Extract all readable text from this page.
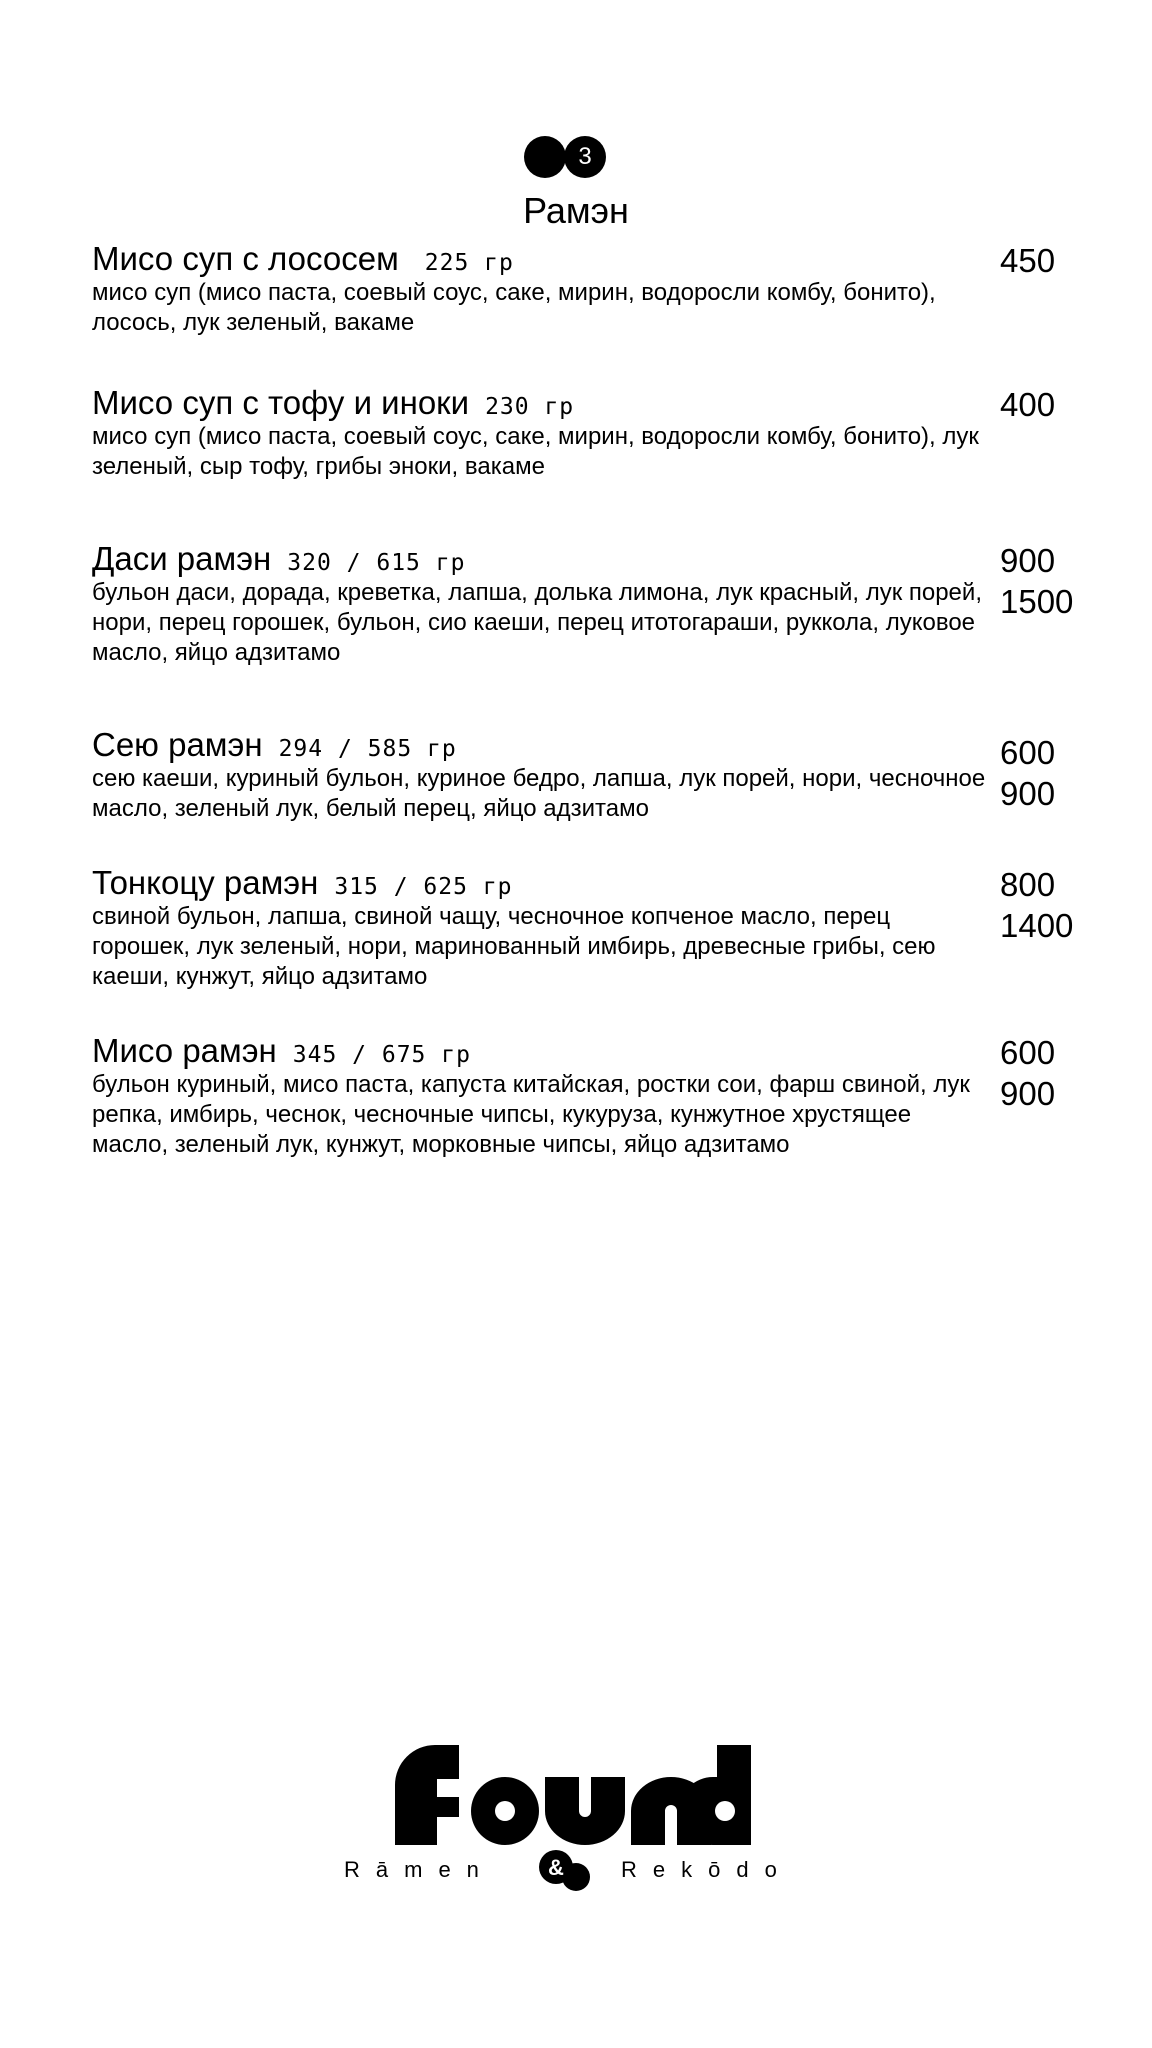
3
Рамэн
Мисо суп с лососем 225 гр
мисо суп (мисо паста, соевый соус, саке, мирин, водоросли комбу, бонито), лосось, лук зеленый, вакаме
450
Мисо суп с тофу и иноки 230 гр
мисо суп (мисо паста, соевый соус, саке, мирин, водоросли комбу, бонито), лук зеленый, сыр тофу, грибы эноки, вакаме
400
Даси рамэн 320 / 615 гр
бульон даси, дорада, креветка, лапша, долька лимона, лук красный, лук порей, нори, перец горошек, бульон, сио каеши, перец итотогараши, руккола, луковое масло, яйцо адзитамо
900
1500
Сею рамэн 294 / 585 гр
сею каеши, куриный бульон, куриное бедро, лапша, лук порей, нори, чесночное масло, зеленый лук, белый перец, яйцо адзитамо
600
900
Тонкоцу рамэн 315 / 625 гр
свиной бульон, лапша, свиной чащу, чесночное копченое масло, перец горошек, лук зеленый, нори, маринованный имбирь, древесные грибы, сею каеши, кунжут, яйцо адзитамо
800
1400
Мисо рамэн 345 / 675 гр
бульон куриный, мисо паста, капуста китайская, ростки сои, фарш свиной, лук репка, имбирь, чеснок, чесночные чипсы, кукуруза, кунжутное хрустящее масло, зеленый лук, кунжут, морковные чипсы, яйцо адзитамо
600
900
Rāmen &	Rekōdo
